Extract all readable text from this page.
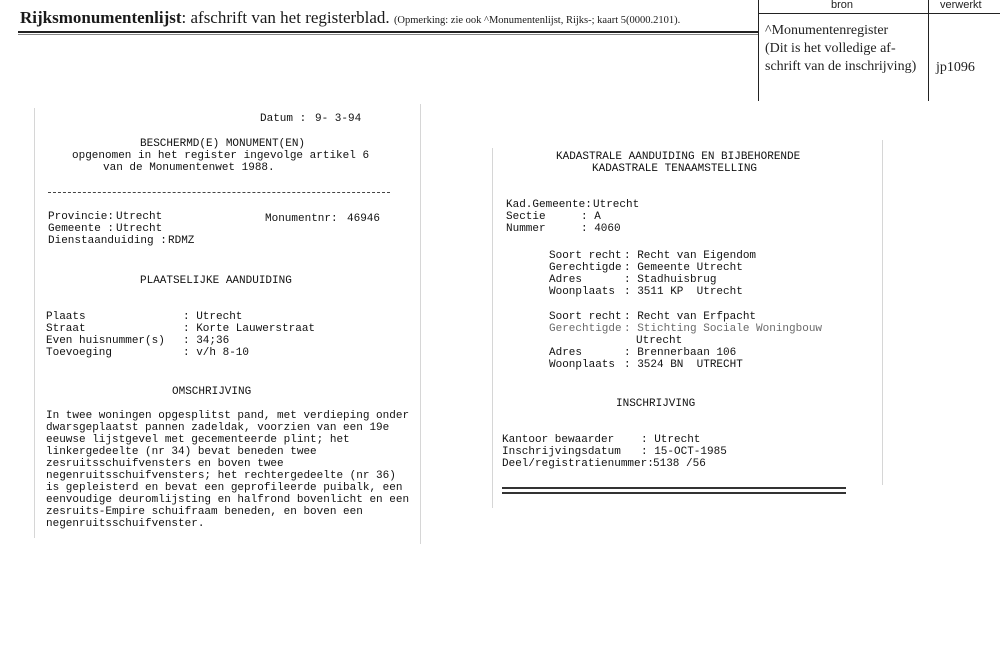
Rijksmonumentenlijst: afschrift van het registerblad. (Opmerking: zie ook ^Monumentenlijst, Rijks-; kaart 5(0000.2101).
bron	verwerkt
^Monumentenregister
(Dit is het volledige af-
schrift van de inschrijving) jp1096
Datum : 9- 3-94
BESCHERMD(E) MONUMENT(EN)
opgenomen in het register ingevolge artikel 6
van de Monumentenwet 1988.
Provincie: Utrecht	Monumentnr: 46946
Gemeente : Utrecht
Dienstaanduiding : RDMZ
PLAATSELIJKE AANDUIDING
Plaats	: Utrecht
Straat	: Korte Lauwerstraat
Even huisnummer(s) : 34;36
Toevoeging	: v/h 8-10
OMSCHRIJVING
In twee woningen opgesplitst pand, met verdieping onder
dwarsgeplaatst pannen zadeldak, voorzien van een 19e
eeuwse lijstgevel met gecementeerde plint; het
linkergedeelte (nr 34) bevat beneden twee
zesruitsschuifvensters en boven twee
negenruitsschuifvensters; het rechtergedeelte (nr 36)
is gepleisterd en bevat een geprofileerde puibalk, een
eenvoudige deuromlijsting en halfrond bovenlicht en een
zesruits-Empire schuifraam beneden, en boven een
negenruitsschuifvenster.
KADASTRALE AANDUIDING EN BIJBEHORENDE
KADASTRALE TENAAMSTELLING
Kad.Gemeente: Utrecht
Sectie	: A
Nummer	: 4060
Soort recht : Recht van Eigendom
Gerechtigde : Gemeente Utrecht
Adres	: Stadhuisbrug
Woonplaats : 3511 KP  Utrecht
Soort recht : Recht van Erfpacht
Gerechtigde : Stichting Sociale Woningbouw
Utrecht
Adres	: Brennerbaan 106
Woonplaats : 3524 BN  UTRECHT
INSCHRIJVING
Kantoor bewaarder : Utrecht
Inschrijvingsdatum : 15-OCT-1985
Deel/registratienummer: 5138 /56
